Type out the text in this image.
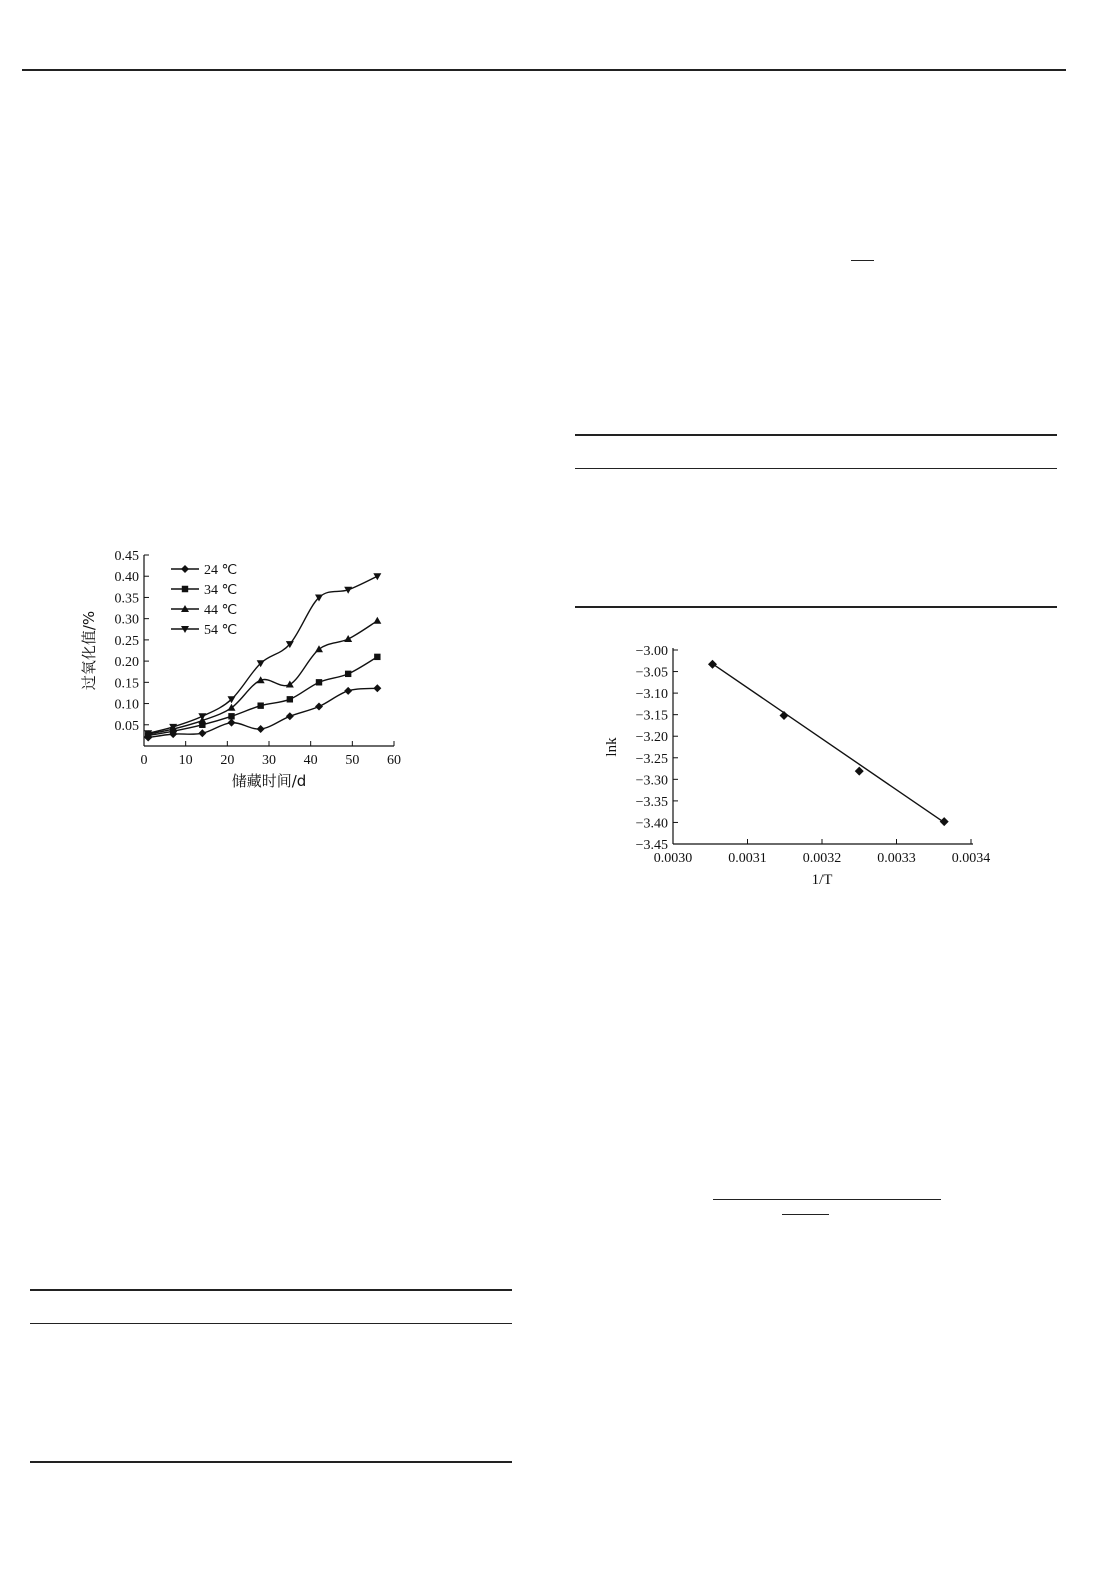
0.05
0.10
0.15
0.20
0.25
0.30
0.35
0.40
0.45
0 10 20 30 40 50 60
储藏时间/d
过氧化值/%
24 ℃
34 ℃
44 ℃
54 ℃
−3.00
−3.05
−3.10
−3.15
−3.20
−3.25
−3.30
−3.35
−3.40
−3.45
0.0030	0.0031	0.0032	0.0033	0.0034
1/T
lnk
